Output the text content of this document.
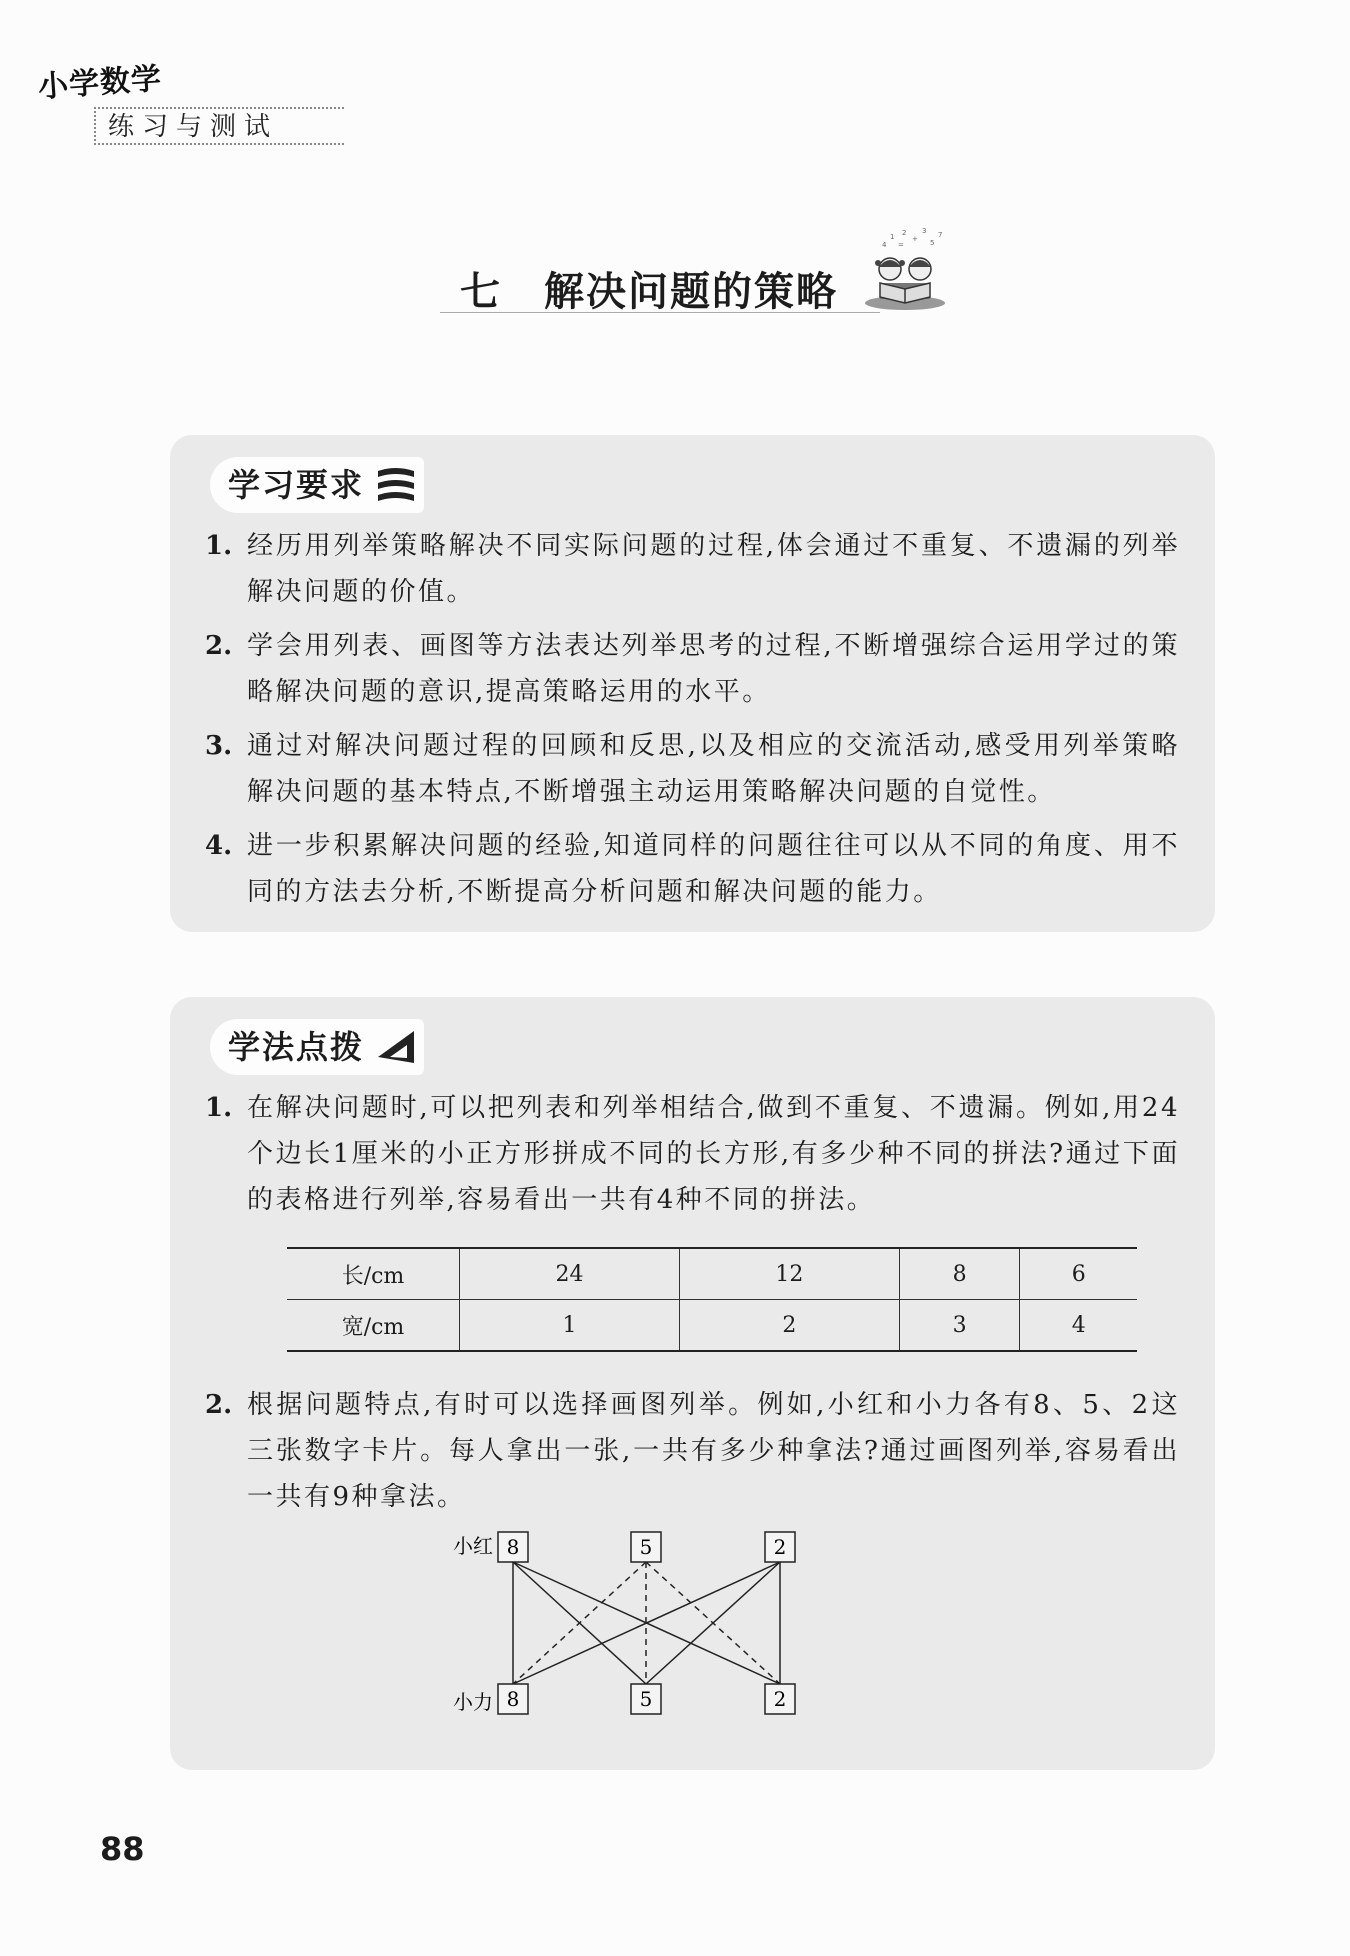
小学数学
练习与测试
七　解决问题的策略
1 2
+
3
5
4 =
7
学习要求
1. 经历用列举策略解决不同实际问题的过程,体会通过不重复、不遗漏的列举解决问题的价值。
2. 学会用列表、画图等方法表达列举思考的过程,不断增强综合运用学过的策略解决问题的意识,提高策略运用的水平。
3. 通过对解决问题过程的回顾和反思,以及相应的交流活动,感受用列举策略解决问题的基本特点,不断增强主动运用策略解决问题的自觉性。
4. 进一步积累解决问题的经验,知道同样的问题往往可以从不同的角度、用不同的方法去分析,不断提高分析问题和解决问题的能力。
学法点拨
1. 在解决问题时,可以把列表和列举相结合,做到不重复、不遗漏。例如,用24个边长1厘米的小正方形拼成不同的长方形,有多少种不同的拼法?通过下面的表格进行列举,容易看出一共有4种不同的拼法。
长/cm	24	12	8	6
宽/cm	1	2	3	4
2. 根据问题特点,有时可以选择画图列举。例如,小红和小力各有8、5、2这三张数字卡片。每人拿出一张,一共有多少种拿法?通过画图列举,容易看出一共有9种拿法。
小红
小力
8	5	2
8	5	2
88
